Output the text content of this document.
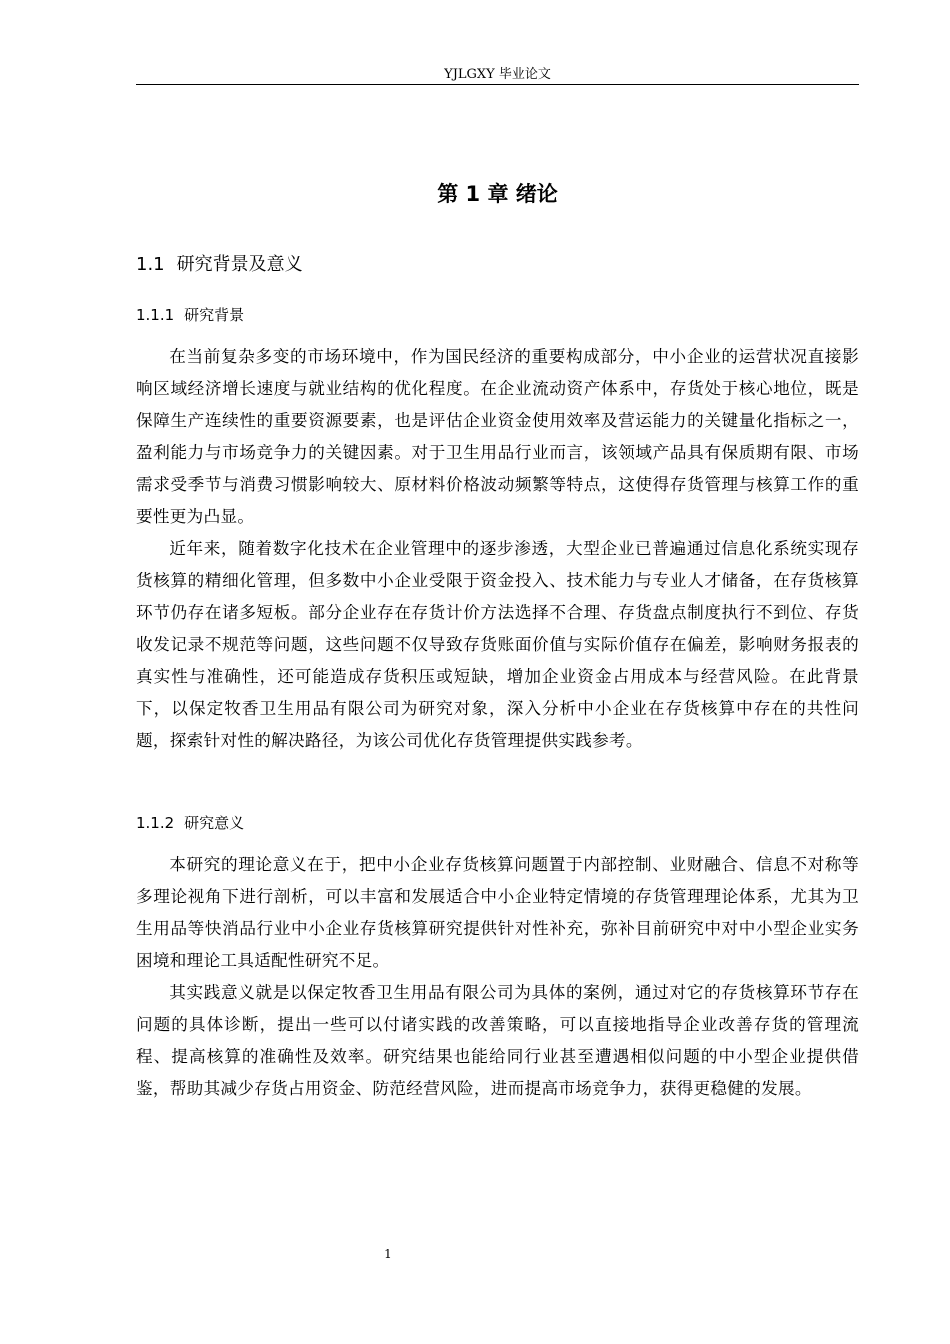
YJLGXY 毕业论文
第 1 章 绪论
1.1 研究背景及意义
1.1.1 研究背景

在当前复杂多变的市场环境中，作为国民经济的重要构成部分，中小企业的运营状况直接影响区域经济增长速度与就业结构的优化程度。在企业流动资产体系中，存货处于核心地位，既是保障生产连续性的重要资源要素，也是评估企业资金使用效率及营运能力的关键量化指标之一，盈利能力与市场竞争力的关键因素。对于卫生用品行业而言，该领域产品具有保质期有限、市场需求受季节与消费习惯影响较大、原材料价格波动频繁等特点，这使得存货管理与核算工作的重要性更为凸显。

近年来，随着数字化技术在企业管理中的逐步渗透，大型企业已普遍通过信息化系统实现存货核算的精细化管理，但多数中小企业受限于资金投入、技术能力与专业人才储备，在存货核算环节仍存在诸多短板。部分企业存在存货计价方法选择不合理、存货盘点制度执行不到位、存货收发记录不规范等问题，这些问题不仅导致存货账面价值与实际价值存在偏差，影响财务报表的真实性与准确性，还可能造成存货积压或短缺，增加企业资金占用成本与经营风险。在此背景下，以保定牧香卫生用品有限公司为研究对象，深入分析中小企业在存货核算中存在的共性问题，探索针对性的解决路径，为该公司优化存货管理提供实践参考。

1.1.2 研究意义

本研究的理论意义在于，把中小企业存货核算问题置于内部控制、业财融合、信息不对称等多理论视角下进行剖析，可以丰富和发展适合中小企业特定情境的存货管理理论体系，尤其为卫生用品等快消品行业中小企业存货核算研究提供针对性补充，弥补目前研究中对中小型企业实务困境和理论工具适配性研究不足。

其实践意义就是以保定牧香卫生用品有限公司为具体的案例，通过对它的存货核算环节存在问题的具体诊断，提出一些可以付诸实践的改善策略，可以直接地指导企业改善存货的管理流程、提高核算的准确性及效率。研究结果也能给同行业甚至遭遇相似问题的中小型企业提供借鉴，帮助其减少存货占用资金、防范经营风险，进而提高市场竞争力，获得更稳健的发展。

1
